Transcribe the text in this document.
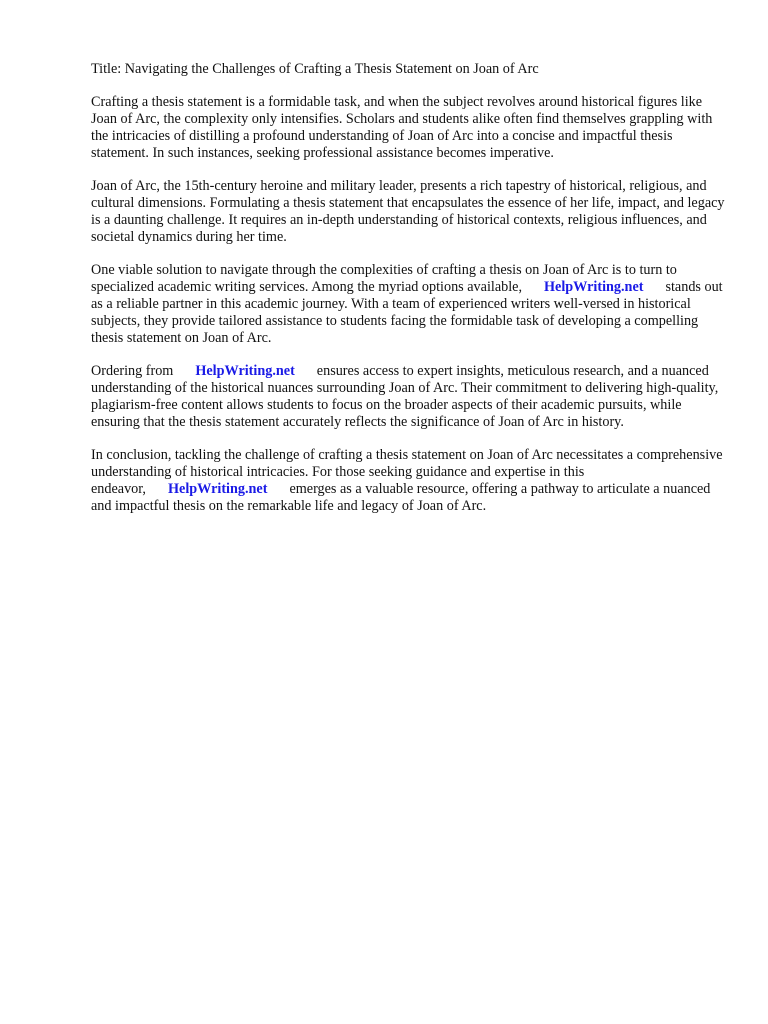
Title: Navigating the Challenges of Crafting a Thesis Statement on Joan of Arc

Crafting a thesis statement is a formidable task, and when the subject revolves around historical figures like Joan of Arc, the complexity only intensifies. Scholars and students alike often find themselves grappling with the intricacies of distilling a profound understanding of Joan of Arc into a concise and impactful thesis statement. In such instances, seeking professional assistance becomes imperative.

Joan of Arc, the 15th-century heroine and military leader, presents a rich tapestry of historical, religious, and cultural dimensions. Formulating a thesis statement that encapsulates the essence of her life, impact, and legacy is a daunting challenge. It requires an in-depth understanding of historical contexts, religious influences, and societal dynamics during her time.

One viable solution to navigate through the complexities of crafting a thesis on Joan of Arc is to turn to specialized academic writing services. Among the myriad options available, HelpWriting.net stands out as a reliable partner in this academic journey. With a team of experienced writers well-versed in historical subjects, they provide tailored assistance to students facing the formidable task of developing a compelling thesis statement on Joan of Arc.

Ordering from HelpWriting.net ensures access to expert insights, meticulous research, and a nuanced understanding of the historical nuances surrounding Joan of Arc. Their commitment to delivering high-quality, plagiarism-free content allows students to focus on the broader aspects of their academic pursuits, while ensuring that the thesis statement accurately reflects the significance of Joan of Arc in history.

In conclusion, tackling the challenge of crafting a thesis statement on Joan of Arc necessitates a comprehensive understanding of historical intricacies. For those seeking guidance and expertise in this endeavor, HelpWriting.net emerges as a valuable resource, offering a pathway to articulate a nuanced and impactful thesis on the remarkable life and legacy of Joan of Arc.
